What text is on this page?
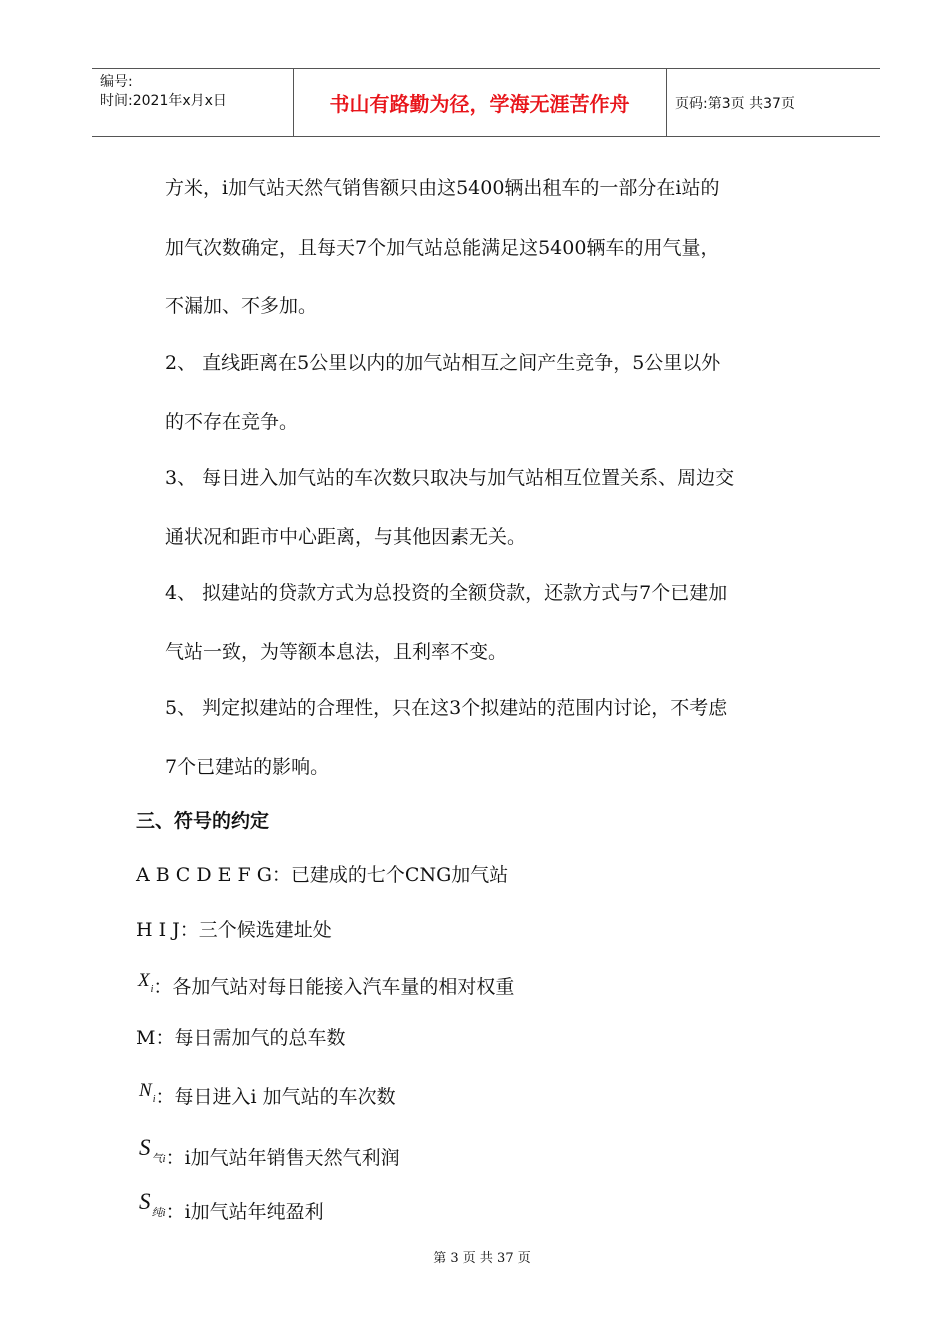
编号:
时间:2021年x月x日	书山有路勤为径，学海无涯苦作舟	页码:第3页 共37页
方米，i加气站天然气销售额只由这5400辆出租车的一部分在i站的
加气次数确定，且每天7个加气站总能满足这5400辆车的用气量，
不漏加、不多加。
2、 直线距离在5公里以内的加气站相互之间产生竞争，5公里以外
的不存在竞争。
3、 每日进入加气站的车次数只取决与加气站相互位置关系、周边交
通状况和距市中心距离，与其他因素无关。
4、 拟建站的贷款方式为总投资的全额贷款，还款方式与7个已建加
气站一致，为等额本息法，且利率不变。
5、 判定拟建站的合理性，只在这3个拟建站的范围内讨论，不考虑
7个已建站的影响。
三、符号的约定
A B C D E F G：已建成的七个CNG加气站
H I J：三个候选建址处
$X_i$：各加气站对每日能接入汽车量的相对权重
M：每日需加气的总车数
$N_i$：每日进入i 加气站的车次数
$S_{气i}$：i加气站年销售天然气利润
$S_{纯i}$：i加气站年纯盈利
第 3 页 共 37 页
